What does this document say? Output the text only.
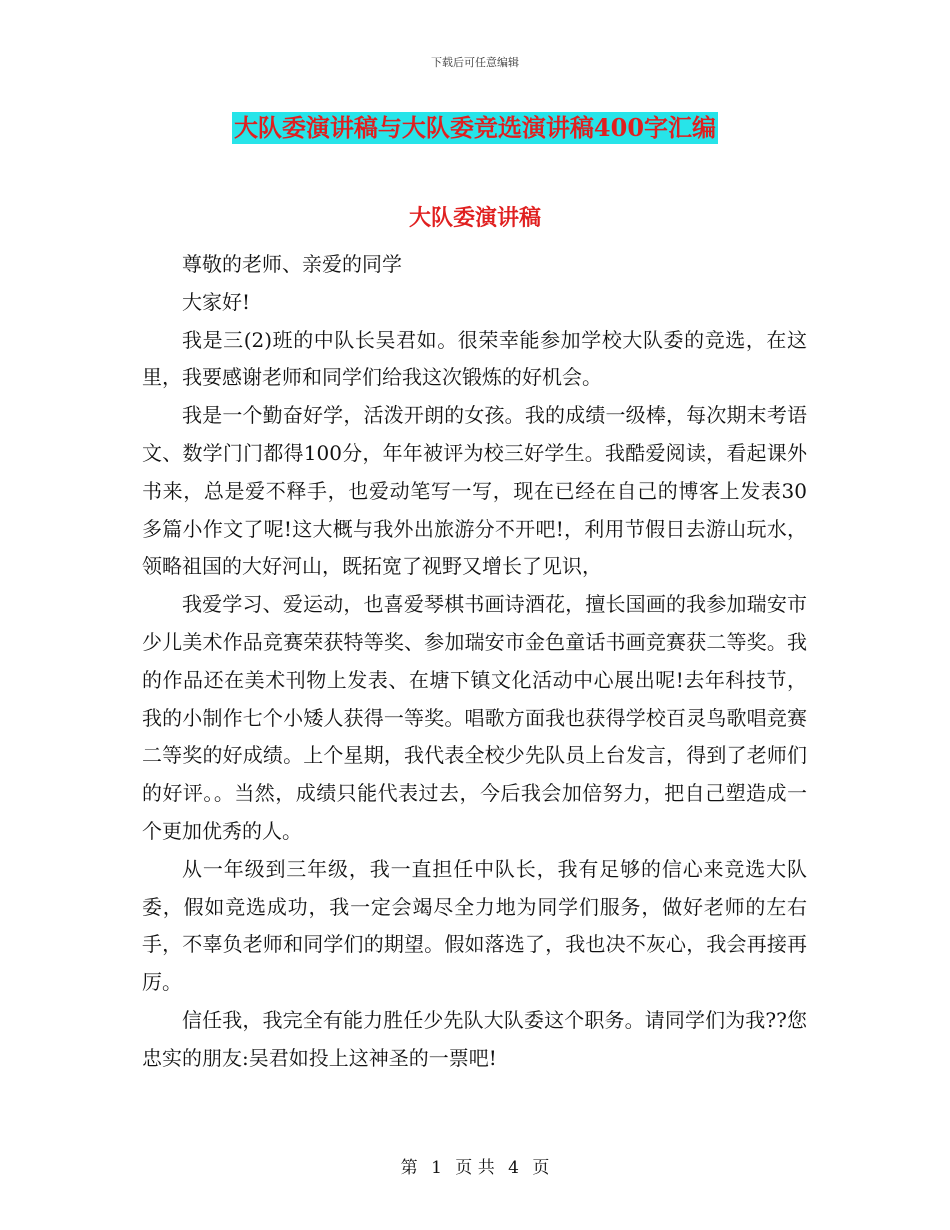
下载后可任意编辑
大队委演讲稿与大队委竞选演讲稿400字汇编
大队委演讲稿

尊敬的老师、亲爱的同学

大家好!

我是三(2)班的中队长吴君如。很荣幸能参加学校大队委的竞选，在这里，我要感谢老师和同学们给我这次锻炼的好机会。

我是一个勤奋好学，活泼开朗的女孩。我的成绩一级棒，每次期末考语文、数学门门都得100分，年年被评为校三好学生。我酷爱阅读，看起课外书来，总是爱不释手，也爱动笔写一写，现在已经在自己的博客上发表30多篇小作文了呢!这大概与我外出旅游分不开吧!，利用节假日去游山玩水，领略祖国的大好河山，既拓宽了视野又增长了见识，

我爱学习、爱运动，也喜爱琴棋书画诗酒花，擅长国画的我参加瑞安市少儿美术作品竞赛荣获特等奖、参加瑞安市金色童话书画竞赛获二等奖。我的作品还在美术刊物上发表、在塘下镇文化活动中心展出呢!去年科技节，我的小制作七个小矮人获得一等奖。唱歌方面我也获得学校百灵鸟歌唱竞赛二等奖的好成绩。上个星期，我代表全校少先队员上台发言，得到了老师们的好评。。当然，成绩只能代表过去，今后我会加倍努力，把自己塑造成一个更加优秀的人。

从一年级到三年级，我一直担任中队长，我有足够的信心来竞选大队委，假如竞选成功，我一定会竭尽全力地为同学们服务，做好老师的左右手，不辜负老师和同学们的期望。假如落选了，我也决不灰心，我会再接再厉。

信任我，我完全有能力胜任少先队大队委这个职务。请同学们为我??您忠实的朋友:吴君如投上这神圣的一票吧!

第 1 页 共 4 页
